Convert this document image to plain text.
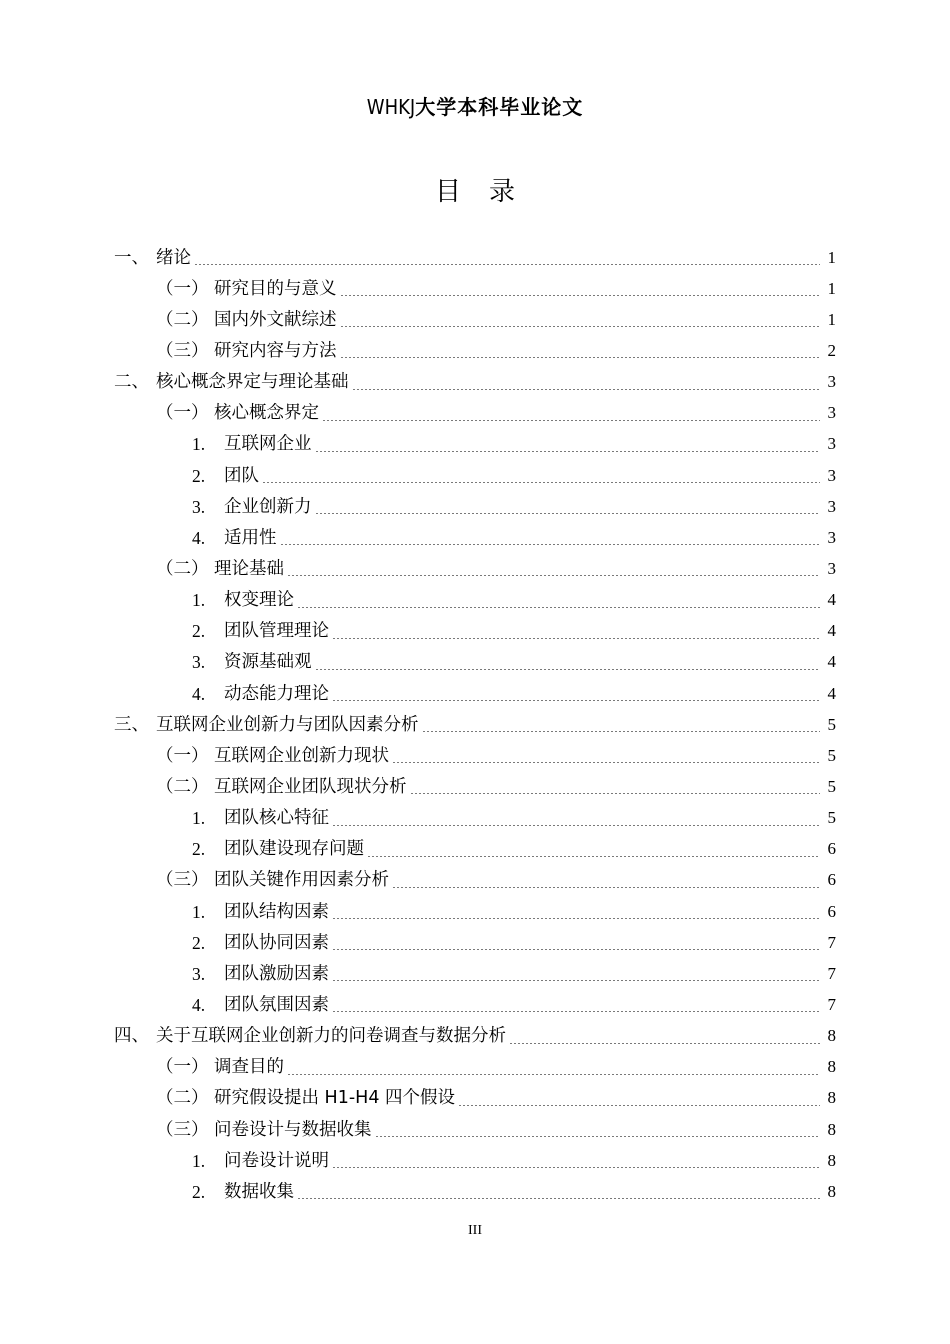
WHKJ大学本科毕业论文
目录
一、 绪论	1
（一） 研究目的与意义	1
（二） 国内外文献综述	1
（三） 研究内容与方法	2
二、 核心概念界定与理论基础	3
（一） 核心概念界定	3
1.	互联网企业	3
2.	团队	3
3.	企业创新力	3
4.	适用性	3
（二） 理论基础	3
1.	权变理论	4
2.	团队管理理论	4
3.	资源基础观	4
4.	动态能力理论	4
三、 互联网企业创新力与团队因素分析	5
（一） 互联网企业创新力现状	5
（二） 互联网企业团队现状分析	5
1.	团队核心特征	5
2.	团队建设现存问题	6
（三） 团队关键作用因素分析	6
1.	团队结构因素	6
2.	团队协同因素	7
3.	团队激励因素	7
4.	团队氛围因素	7
四、 关于互联网企业创新力的问卷调查与数据分析	8
（一） 调查目的	8
（二） 研究假设提出 H1-H4 四个假设	8
（三） 问卷设计与数据收集	8
1.	问卷设计说明	8
2.	数据收集	8
III
